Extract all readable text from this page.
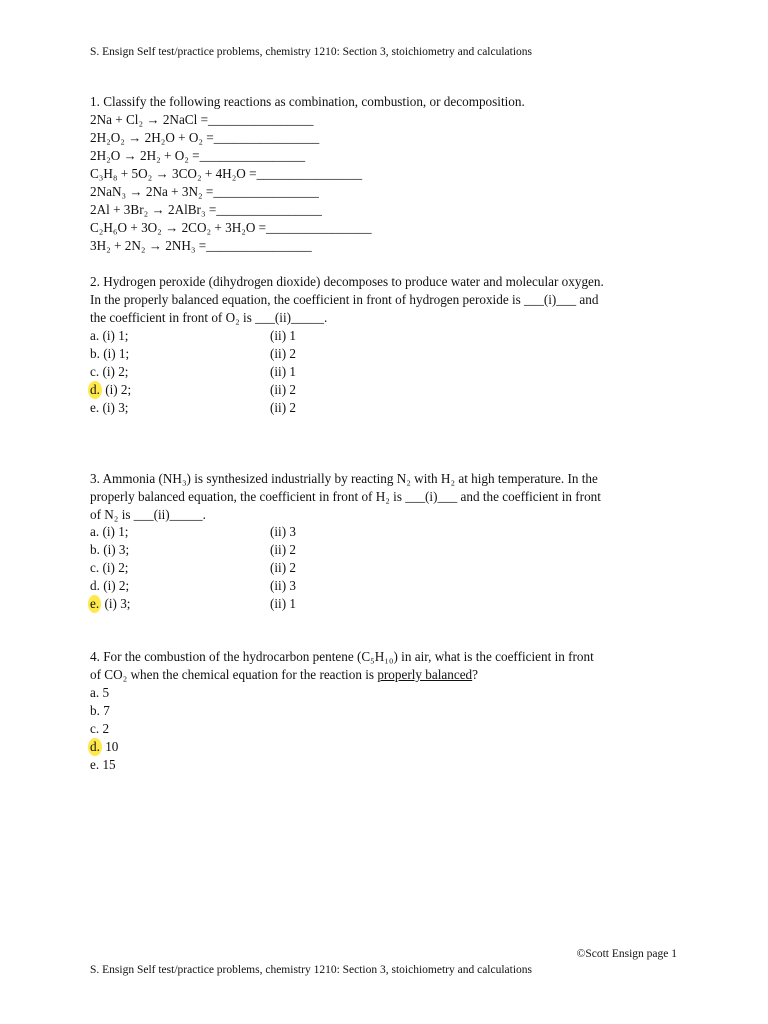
S. Ensign Self test/practice problems, chemistry 1210: Section 3, stoichiometry and calculations
1. Classify the following reactions as combination, combustion, or decomposition.
2Na + Cl₂ → 2NaCl =________________
2H₂O₂ → 2H₂O + O₂ =________________
2H₂O → 2H₂ + O₂ =________________
C₃H₈ + 5O₂ → 3CO₂ + 4H₂O =________________
2NaN₃ → 2Na + 3N₂ =________________
2Al + 3Br₂ → 2AlBr₃ =________________
C₂H₆O + 3O₂ → 2CO₂ + 3H₂O =________________
3H₂ + 2N₂ → 2NH₃ =________________
2. Hydrogen peroxide (dihydrogen dioxide) decomposes to produce water and molecular oxygen.
In the properly balanced equation, the coefficient in front of hydrogen peroxide is ___(i)___ and
the coefficient in front of O₂ is ___(ii)_____.
a. (i) 1;	(ii) 1
b. (i) 1;	(ii) 2
c. (i) 2;	(ii) 1
d. (i) 2;	(ii) 2
e. (i) 3;	(ii) 2
3. Ammonia (NH₃) is synthesized industrially by reacting N₂ with H₂ at high temperature. In the
properly balanced equation, the coefficient in front of H₂ is ___(i)___ and the coefficient in front
of N₂ is ___(ii)_____.
a. (i) 1;	(ii) 3
b. (i) 3;	(ii) 2
c. (i) 2;	(ii) 2
d. (i) 2;	(ii) 3
e. (i) 3;	(ii) 1
4. For the combustion of the hydrocarbon pentene (C₅H₁₀) in air, what is the coefficient in front
of CO₂ when the chemical equation for the reaction is properly balanced?
a. 5
b. 7
c. 2
d. 10
e. 15
©Scott Ensign page 1
S. Ensign Self test/practice problems, chemistry 1210: Section 3, stoichiometry and calculations
